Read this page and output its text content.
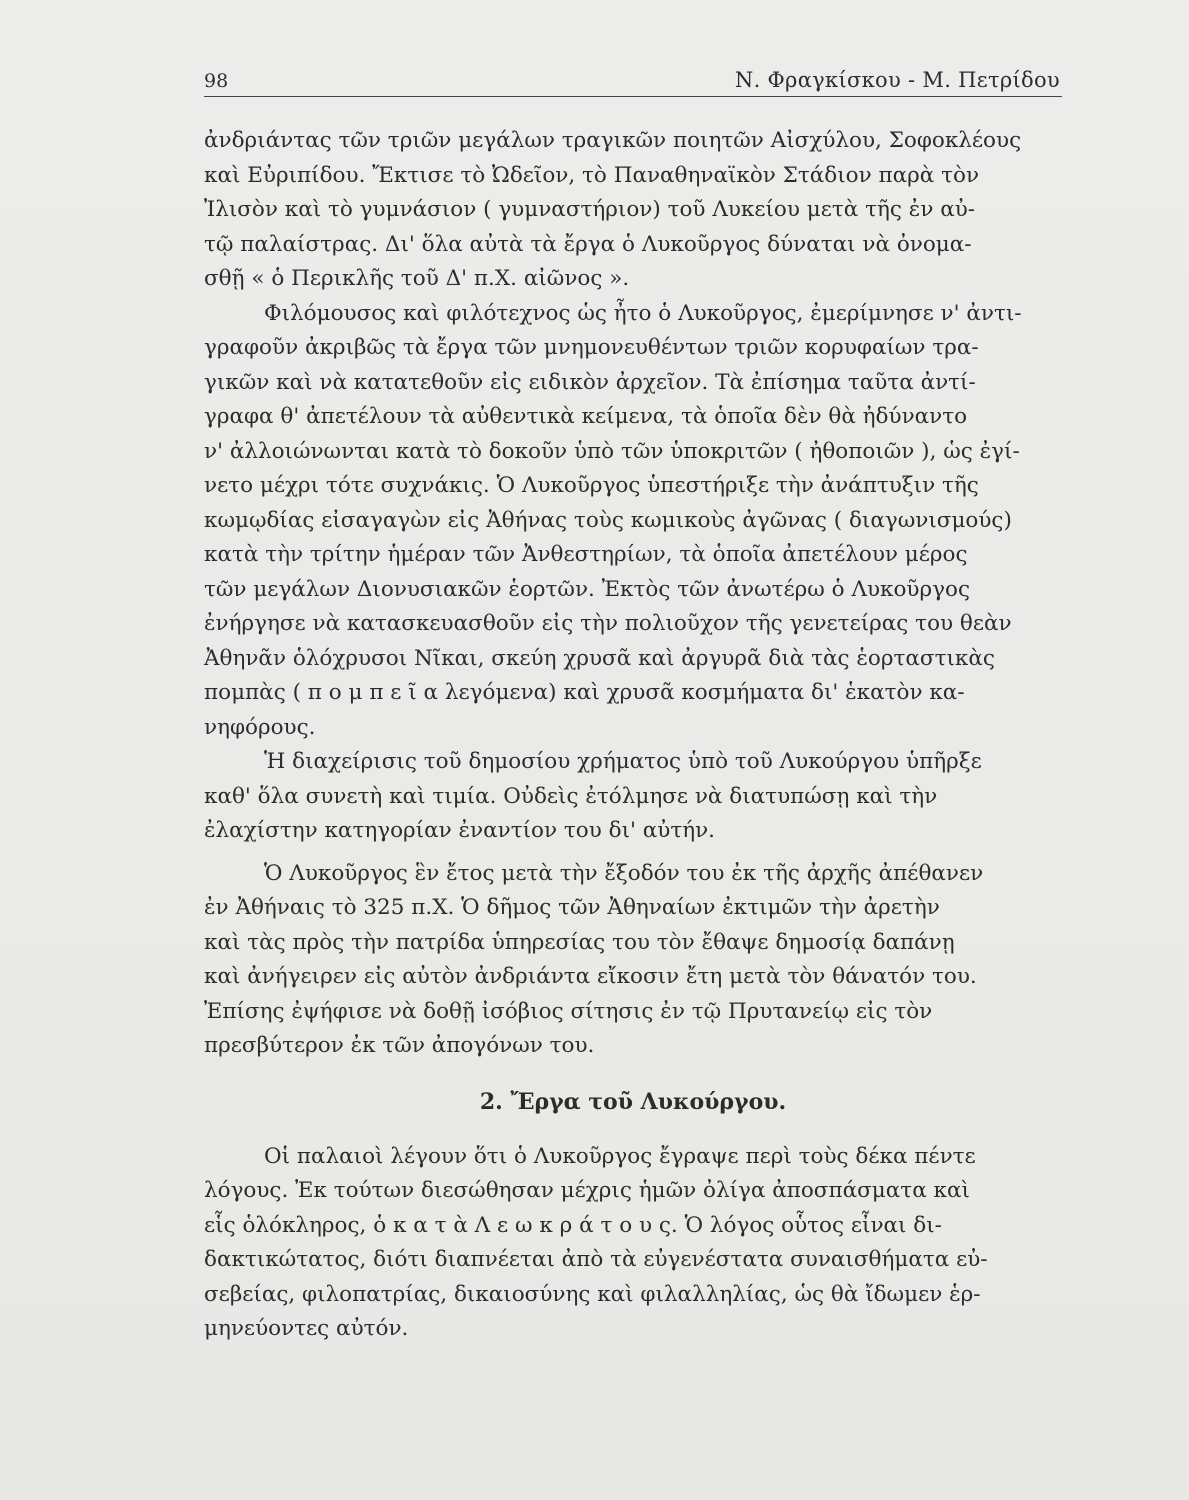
98	Ν. Φραγκίσκου - Μ. Πετρίδου

ἀνδριάντας τῶν τριῶν μεγάλων τραγικῶν ποιητῶν Αἰσχύλου, Σοφοκλέους
καὶ Εὐριπίδου. Ἔκτισε τὸ Ὠδεῖον, τὸ Παναθηναϊκὸν Στάδιον παρὰ τὸν
Ἰλισὸν καὶ τὸ γυμνάσιον ( γυμναστήριον) τοῦ Λυκείου μετὰ τῆς ἐν αὐ-
τῷ παλαίστρας. Δι' ὅλα αὐτὰ τὰ ἔργα ὁ Λυκοῦργος δύναται νὰ ὀνομα-
σθῇ « ὁ Περικλῆς τοῦ Δ' π.Χ. αἰῶνος ».

Φιλόμουσος καὶ φιλότεχνος ὡς ἦτο ὁ Λυκοῦργος, ἐμερίμνησε ν' ἀντι-
γραφοῦν ἀκριβῶς τὰ ἔργα τῶν μνημονευθέντων τριῶν κορυφαίων τρα-
γικῶν καὶ νὰ κατατεθοῦν εἰς ειδικὸν ἀρχεῖον. Τὰ ἐπίσημα ταῦτα ἀντί-
γραφα θ' ἀπετέλουν τὰ αὐθεντικὰ κείμενα, τὰ ὁποῖα δὲν θὰ ἠδύναντο
ν' ἀλλοιώνωνται κατὰ τὸ δοκοῦν ὑπὸ τῶν ὑποκριτῶν ( ἠθοποιῶν ), ὡς ἐγί-
νετο μέχρι τότε συχνάκις. Ὁ Λυκοῦργος ὑπεστήριξε τὴν ἀνάπτυξιν τῆς
κωμῳδίας εἰσαγαγὼν εἰς Ἀθήνας τοὺς κωμικοὺς ἀγῶνας ( διαγωνισμούς)
κατὰ τὴν τρίτην ἡμέραν τῶν Ἀνθεστηρίων, τὰ ὁποῖα ἀπετέλουν μέρος
τῶν μεγάλων Διονυσιακῶν ἑορτῶν. Ἐκτὸς τῶν ἀνωτέρω ὁ Λυκοῦργος
ἐνήργησε νὰ κατασκευασθοῦν εἰς τὴν πολιοῦχον τῆς γενετείρας του θεὰν
Ἀθηνᾶν ὁλόχρυσοι Νῖκαι, σκεύη χρυσᾶ καὶ ἀργυρᾶ διὰ τὰς ἑορταστικὰς
πομπὰς ( π ο μ π ε ῖ α λεγόμενα) καὶ χρυσᾶ κοσμήματα δι' ἑκατὸν κα-
νηφόρους.

Ἡ διαχείρισις τοῦ δημοσίου χρήματος ὑπὸ τοῦ Λυκούργου ὑπῆρξε
καθ' ὅλα συνετὴ καὶ τιμία. Οὐδεὶς ἐτόλμησε νὰ διατυπώσῃ καὶ τὴν
ἐλαχίστην κατηγορίαν ἐναντίον του δι' αὐτήν.

Ὁ Λυκοῦργος ἓν ἔτος μετὰ τὴν ἔξοδόν του ἐκ τῆς ἀρχῆς ἀπέθανεν
ἐν Ἀθήναις τὸ 325 π.Χ. Ὁ δῆμος τῶν Ἀθηναίων ἐκτιμῶν τὴν ἀρετὴν
καὶ τὰς πρὸς τὴν πατρίδα ὑπηρεσίας του τὸν ἔθαψε δημοσίᾳ δαπάνῃ
καὶ ἀνήγειρεν εἰς αὐτὸν ἀνδριάντα εἴκοσιν ἔτη μετὰ τὸν θάνατόν του.
Ἐπίσης ἐψήφισε νὰ δοθῇ ἰσόβιος σίτησις ἐν τῷ Πρυτανείῳ εἰς τὸν
πρεσβύτερον ἐκ τῶν ἀπογόνων του.

2. Ἔργα τοῦ Λυκούργου.

Οἱ παλαιοὶ λέγουν ὅτι ὁ Λυκοῦργος ἔγραψε περὶ τοὺς δέκα πέντε
λόγους. Ἐκ τούτων διεσώθησαν μέχρις ἡμῶν ὀλίγα ἀποσπάσματα καὶ
εἷς ὁλόκληρος, ὁ κ α τ ὰ Λ ε ω κ ρ ά τ ο υ ς. Ὁ λόγος οὗτος εἶναι δι-
δακτικώτατος, διότι διαπνέεται ἀπὸ τὰ εὐγενέστατα συναισθήματα εὐ-
σεβείας, φιλοπατρίας, δικαιοσύνης καὶ φιλαλληλίας, ὡς θὰ ἴδωμεν ἑρ-
μηνεύοντες αὐτόν.
